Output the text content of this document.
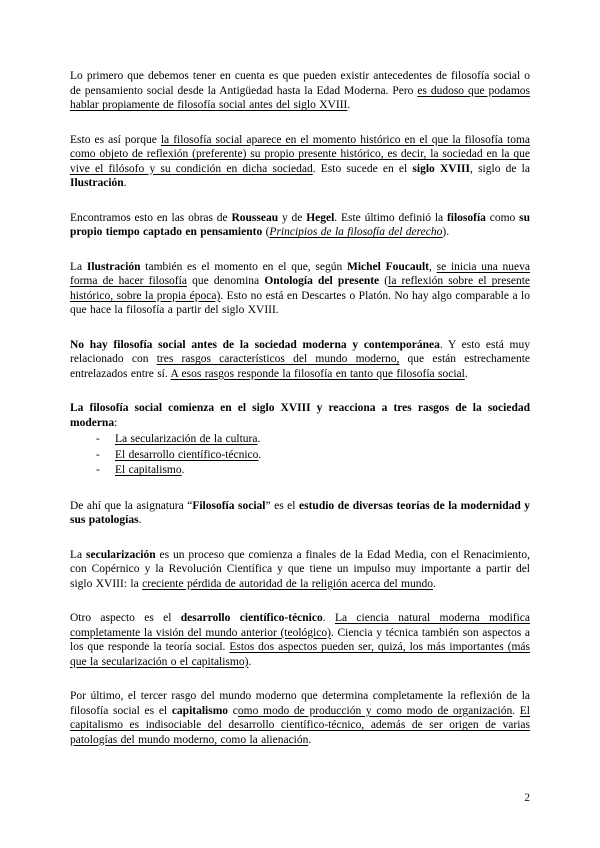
Lo primero que debemos tener en cuenta es que pueden existir antecedentes de filosofía social o de pensamiento social desde la Antigüedad hasta la Edad Moderna. Pero es dudoso que podamos hablar propiamente de filosofía social antes del siglo XVIII.

Esto es así porque la filosofía social aparece en el momento histórico en el que la filosofía toma como objeto de reflexión (preferente) su propio presente histórico, es decir, la sociedad en la que vive el filósofo y su condición en dicha sociedad. Esto sucede en el siglo XVIII, siglo de la Ilustración.

Encontramos esto en las obras de Rousseau y de Hegel. Este último definió la filosofía como su propio tiempo captado en pensamiento (Principios de la filosofía del derecho).

La Ilustración también es el momento en el que, según Michel Foucault, se inicia una nueva forma de hacer filosofía que denomina Ontología del presente (la reflexión sobre el presente histórico, sobre la propia época). Esto no está en Descartes o Platón. No hay algo comparable a lo que hace la filosofía a partir del siglo XVIII.

No hay filosofía social antes de la sociedad moderna y contemporánea. Y esto está muy relacionado con tres rasgos característicos del mundo moderno, que están estrechamente entrelazados entre sí. A esos rasgos responde la filosofía en tanto que filosofía social.

La filosofía social comienza en el siglo XVIII y reacciona a tres rasgos de la sociedad moderna:

- La secularización de la cultura.
- El desarrollo científico-técnico.
- El capitalismo.

De ahí que la asignatura “Filosofía social” es el estudio de diversas teorías de la modernidad y sus patologías.

La secularización es un proceso que comienza a finales de la Edad Media, con el Renacimiento, con Copérnico y la Revolución Científica y que tiene un impulso muy importante a partir del siglo XVIII: la creciente pérdida de autoridad de la religión acerca del mundo.

Otro aspecto es el desarrollo científico-técnico. La ciencia natural moderna modifica completamente la visión del mundo anterior (teológico). Ciencia y técnica también son aspectos a los que responde la teoría social. Estos dos aspectos pueden ser, quizá, los más importantes (más que la secularización o el capitalismo).

Por último, el tercer rasgo del mundo moderno que determina completamente la reflexión de la filosofía social es el capitalismo como modo de producción y como modo de organización. El capitalismo es indisociable del desarrollo científico-técnico, además de ser origen de varias patologías del mundo moderno, como la alienación.

2
